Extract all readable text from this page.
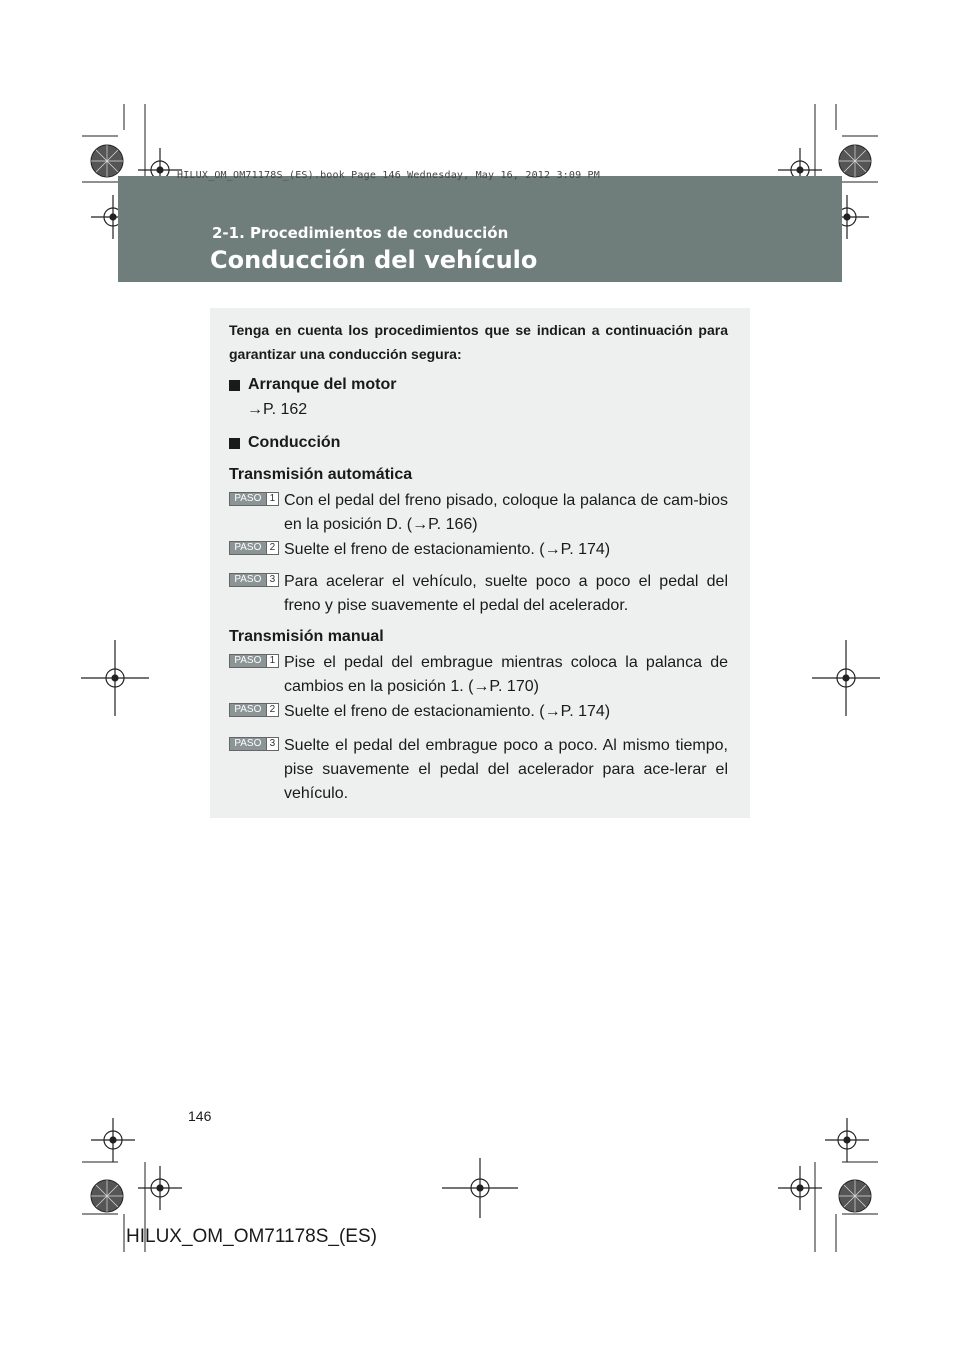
HILUX_OM_OM71178S_(ES).book Page 146 Wednesday, May 16, 2012 3:09 PM
2-1. Procedimientos de conducción
Conducción del vehículo
Tenga en cuenta los procedimientos que se indican a continuación para garantizar una conducción segura:
Arranque del motor
→P. 162
Conducción
Transmisión automática
PASO 1 Con el pedal del freno pisado, coloque la palanca de cam-bios en la posición D. (→P. 166)
PASO 2 Suelte el freno de estacionamiento. (→P. 174)
PASO 3 Para acelerar el vehículo, suelte poco a poco el pedal del freno y pise suavemente el pedal del acelerador.
Transmisión manual
PASO 1 Pise el pedal del embrague mientras coloca la palanca de cambios en la posición 1. (→P. 170)
PASO 2 Suelte el freno de estacionamiento. (→P. 174)
PASO 3 Suelte el pedal del embrague poco a poco. Al mismo tiempo, pise suavemente el pedal del acelerador para ace-lerar el vehículo.
146
HILUX_OM_OM71178S_(ES)
